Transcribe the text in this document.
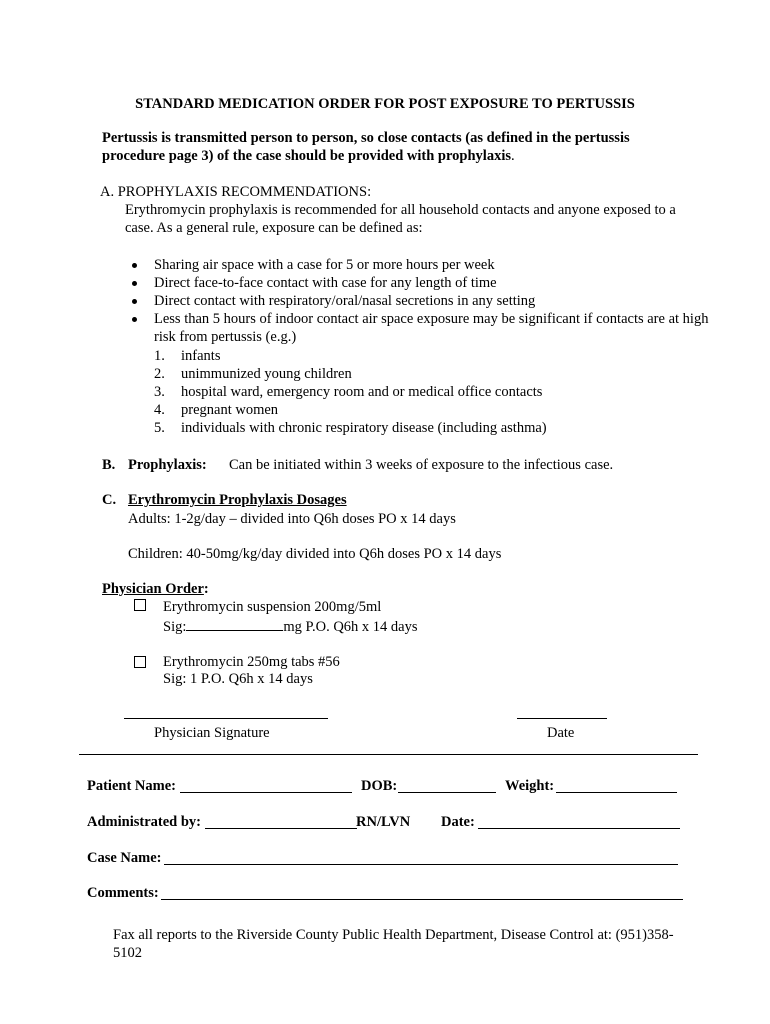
STANDARD MEDICATION ORDER FOR POST EXPOSURE TO PERTUSSIS
Pertussis is transmitted person to person, so close contacts (as defined in the pertussis
procedure page 3) of the case should be provided with prophylaxis.
A. PROPHYLAXIS RECOMMENDATIONS:
Erythromycin prophylaxis is recommended for all household contacts and anyone exposed to a
case. As a general rule, exposure can be defined as:
Sharing air space with a case for 5 or more hours per week
Direct face-to-face contact with case for any length of time
Direct contact with respiratory/oral/nasal secretions in any setting
Less than 5 hours of indoor contact air space exposure may be significant if contacts are at high risk from pertussis (e.g.)
1. infants
2. unimmunized young children
3. hospital ward, emergency room and or medical office contacts
4. pregnant women
5. individuals with chronic respiratory disease (including asthma)
B. Prophylaxis: Can be initiated within 3 weeks of exposure to the infectious case.
C. Erythromycin Prophylaxis Dosages
Adults: 1-2g/day – divided into Q6h doses PO x 14 days
Children: 40-50mg/kg/day divided into Q6h doses PO x 14 days
Physician Order:
Erythromycin suspension 200mg/5ml
Sig:	mg P.O. Q6h x 14 days
Erythromycin 250mg tabs #56
Sig: 1 P.O. Q6h x 14 days
Physician Signature	Date
Patient Name:	DOB:	Weight:
Administrated by:	RN/LVN Date:
Case Name:
Comments:
Fax all reports to the Riverside County Public Health Department, Disease Control at: (951)358-
5102
